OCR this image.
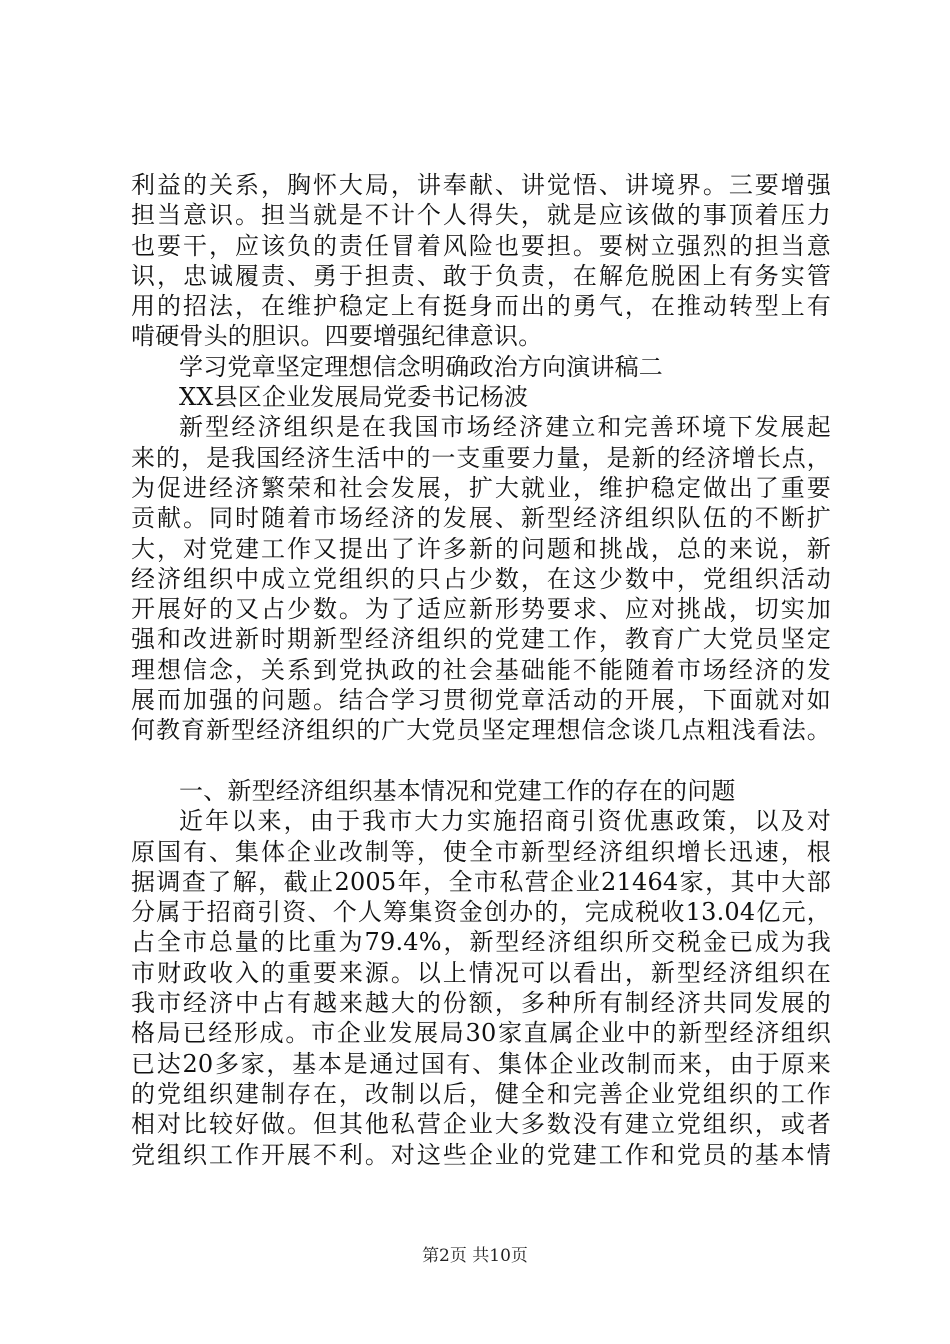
利益的关系，胸怀大局，讲奉献、讲觉悟、讲境界。三要增强
担当意识。担当就是不计个人得失，就是应该做的事顶着压力
也要干，应该负的责任冒着风险也要担。要树立强烈的担当意
识，忠诚履责、勇于担责、敢于负责，在解危脱困上有务实管
用的招法，在维护稳定上有挺身而出的勇气，在推动转型上有
啃硬骨头的胆识。四要增强纪律意识。
学习党章坚定理想信念明确政治方向演讲稿二
XX县区企业发展局党委书记杨波
新型经济组织是在我国市场经济建立和完善环境下发展起
来的，是我国经济生活中的一支重要力量，是新的经济增长点，
为促进经济繁荣和社会发展，扩大就业，维护稳定做出了重要
贡献。同时随着市场经济的发展、新型经济组织队伍的不断扩
大，对党建工作又提出了许多新的问题和挑战，总的来说，新
经济组织中成立党组织的只占少数，在这少数中，党组织活动
开展好的又占少数。为了适应新形势要求、应对挑战，切实加
强和改进新时期新型经济组织的党建工作，教育广大党员坚定
理想信念，关系到党执政的社会基础能不能随着市场经济的发
展而加强的问题。结合学习贯彻党章活动的开展，下面就对如
何教育新型经济组织的广大党员坚定理想信念谈几点粗浅看法。
一、新型经济组织基本情况和党建工作的存在的问题
近年以来，由于我市大力实施招商引资优惠政策，以及对
原国有、集体企业改制等，使全市新型经济组织增长迅速，根
据调查了解，截止2005年，全市私营企业21464家，其中大部
分属于招商引资、个人筹集资金创办的，完成税收13.04亿元，
占全市总量的比重为79.4%，新型经济组织所交税金已成为我
市财政收入的重要来源。以上情况可以看出，新型经济组织在
我市经济中占有越来越大的份额，多种所有制经济共同发展的
格局已经形成。市企业发展局30家直属企业中的新型经济组织
已达20多家，基本是通过国有、集体企业改制而来，由于原来
的党组织建制存在，改制以后，健全和完善企业党组织的工作
相对比较好做。但其他私营企业大多数没有建立党组织，或者
党组织工作开展不利。对这些企业的党建工作和党员的基本情
第2页 共10页
